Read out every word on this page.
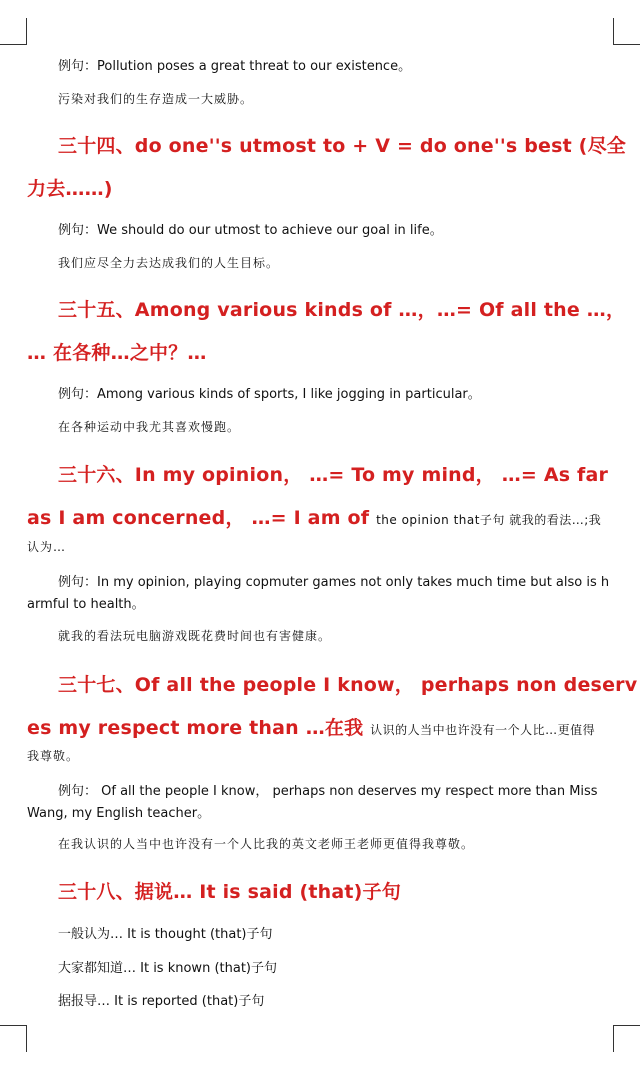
例句：Pollution poses a great threat to our existence。
污染对我们的生存造成一大威胁。
三十四、do one''s utmost to + V = do one''s best (尽全
力去……)
例句：We should do our utmost to achieve our goal in life。
我们应尽全力去达成我们的人生目标。
三十五、Among various kinds of …，…= Of all the …，
… 在各种…之中？…
例句：Among various kinds of sports, I like jogging in particular。
在各种运动中我尤其喜欢慢跑。
三十六、In my opinion， …= To my mind， …= As far
as I am concerned， …= I am of the opinion that子句 就我的看法…;我
认为…
例句：In my opinion, playing copmuter games not only takes much time but also is h
armful to health。
就我的看法玩电脑游戏既花费时间也有害健康。
三十七、Of all the people I know， perhaps non deserv
es my respect more than …在我 认识的人当中也许没有一个人比…更值得
我尊敬。
例句： Of all the people I know， perhaps non deserves my respect more than Miss
Wang, my English teacher。
在我认识的人当中也许没有一个人比我的英文老师王老师更值得我尊敬。
三十八、据说… It is said (that)子句
一般认为… It is thought (that)子句
大家都知道… It is known (that)子句
据报导… It is reported (that)子句
